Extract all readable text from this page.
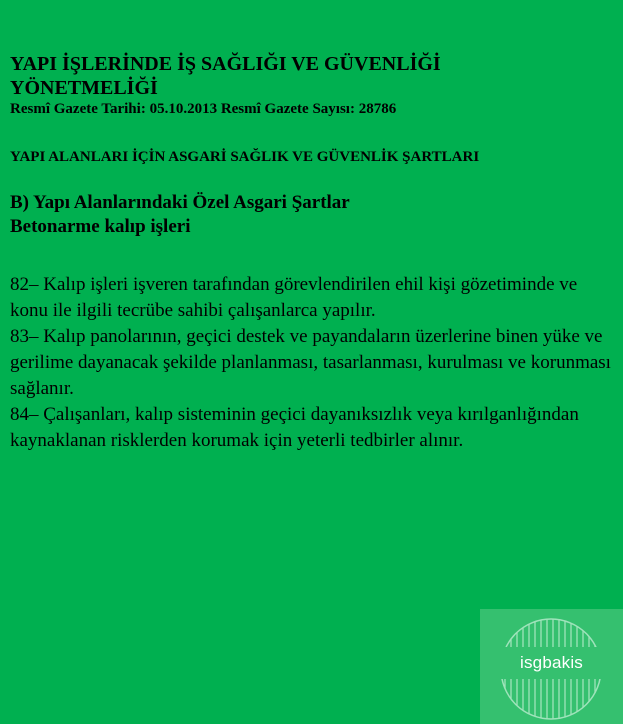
YAPI İŞLERİNDE İŞ SAĞLIĞI VE GÜVENLİĞİ YÖNETMELİĞİ

Resmî Gazete Tarihi: 05.10.2013 Resmî Gazete Sayısı: 28786

YAPI ALANLARI İÇİN ASGARİ SAĞLIK VE GÜVENLİK ŞARTLARI

B) Yapı Alanlarındaki Özel Asgari Şartlar

Betonarme kalıp işleri

82– Kalıp işleri işveren tarafından görevlendirilen ehil kişi gözetiminde ve konu ile ilgili tecrübe sahibi çalışanlarca yapılır.

83– Kalıp panolarının, geçici destek ve payandaların üzerlerine binen yüke ve gerilime dayanacak şekilde planlanması, tasarlanması, kurulması ve korunması sağlanır.

84– Çalışanları, kalıp sisteminin geçici dayanıksızlık veya kırılganlığından kaynaklanan risklerden korumak için yeterli tedbirler alınır.

isgbakis
